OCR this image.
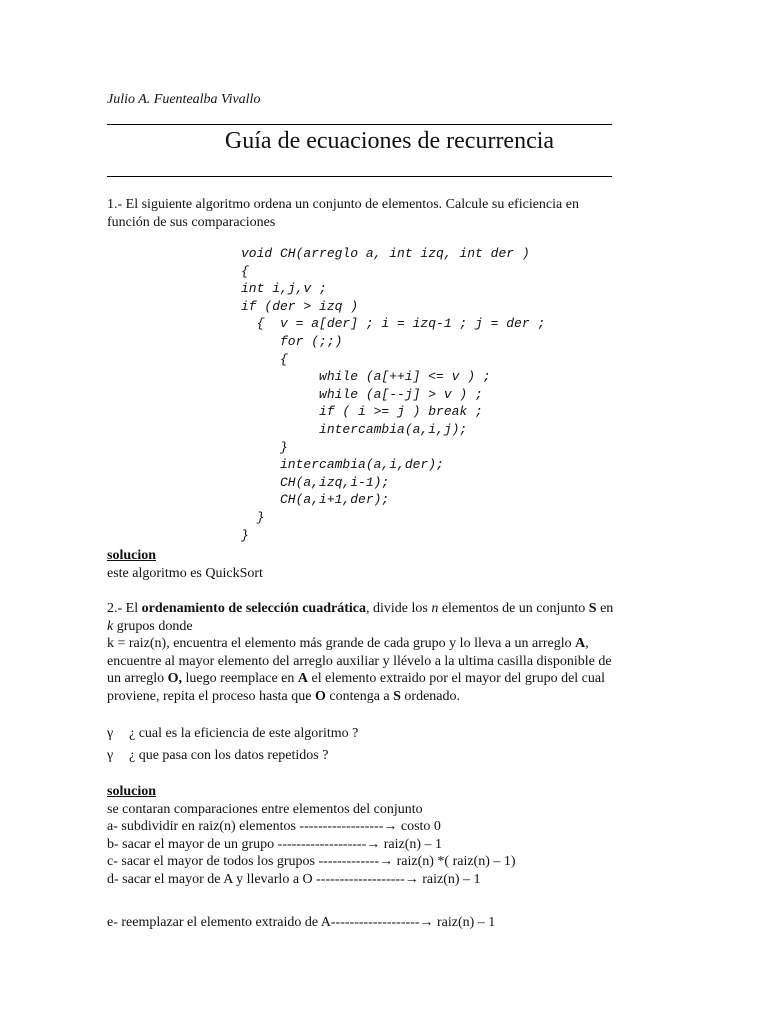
Julio A. Fuentealba Vivallo
Guía de ecuaciones de recurrencia
1.- El siguiente algoritmo ordena un conjunto de elementos. Calcule su eficiencia en
función de sus comparaciones
void CH(arreglo a, int izq, int der )
{
int i,j,v ;
if (der > izq )
{  v = a[der] ; i = izq-1 ; j = der ;
for (;;)
{
while (a[++i] <= v ) ;
while (a[--j] > v ) ;
if ( i >= j ) break ;
intercambia(a,i,j);
}
intercambia(a,i,der);
CH(a,izq,i-1);
CH(a,i+1,der);
}
}
solucion
este algoritmo es QuickSort
2.- El ordenamiento de selección cuadrática, divide los n elementos de un conjunto S en
k grupos donde
k = raiz(n), encuentra el elemento más grande de cada grupo y lo lleva a un arreglo A,
encuentre al mayor elemento del arreglo auxiliar y llévelo a la ultima casilla disponible de
un arreglo O, luego reemplace en A el elemento extraido por el mayor del grupo del cual
proviene, repita el proceso hasta que O contenga a S ordenado.
γ ¿ cual es la eficiencia de este algoritmo ?
γ ¿ que pasa con los datos repetidos ?
solucion
se contaran comparaciones entre elementos del conjunto
a- subdividir en raiz(n) elementos ------------------→ costo 0
b- sacar el mayor de un grupo -------------------→ raiz(n) – 1
c- sacar el mayor de todos los grupos -------------→ raiz(n) *( raiz(n) – 1)
d- sacar el mayor de A y llevarlo a O -------------------→ raiz(n) – 1
e- reemplazar el elemento extraido de A-------------------→ raiz(n) – 1
